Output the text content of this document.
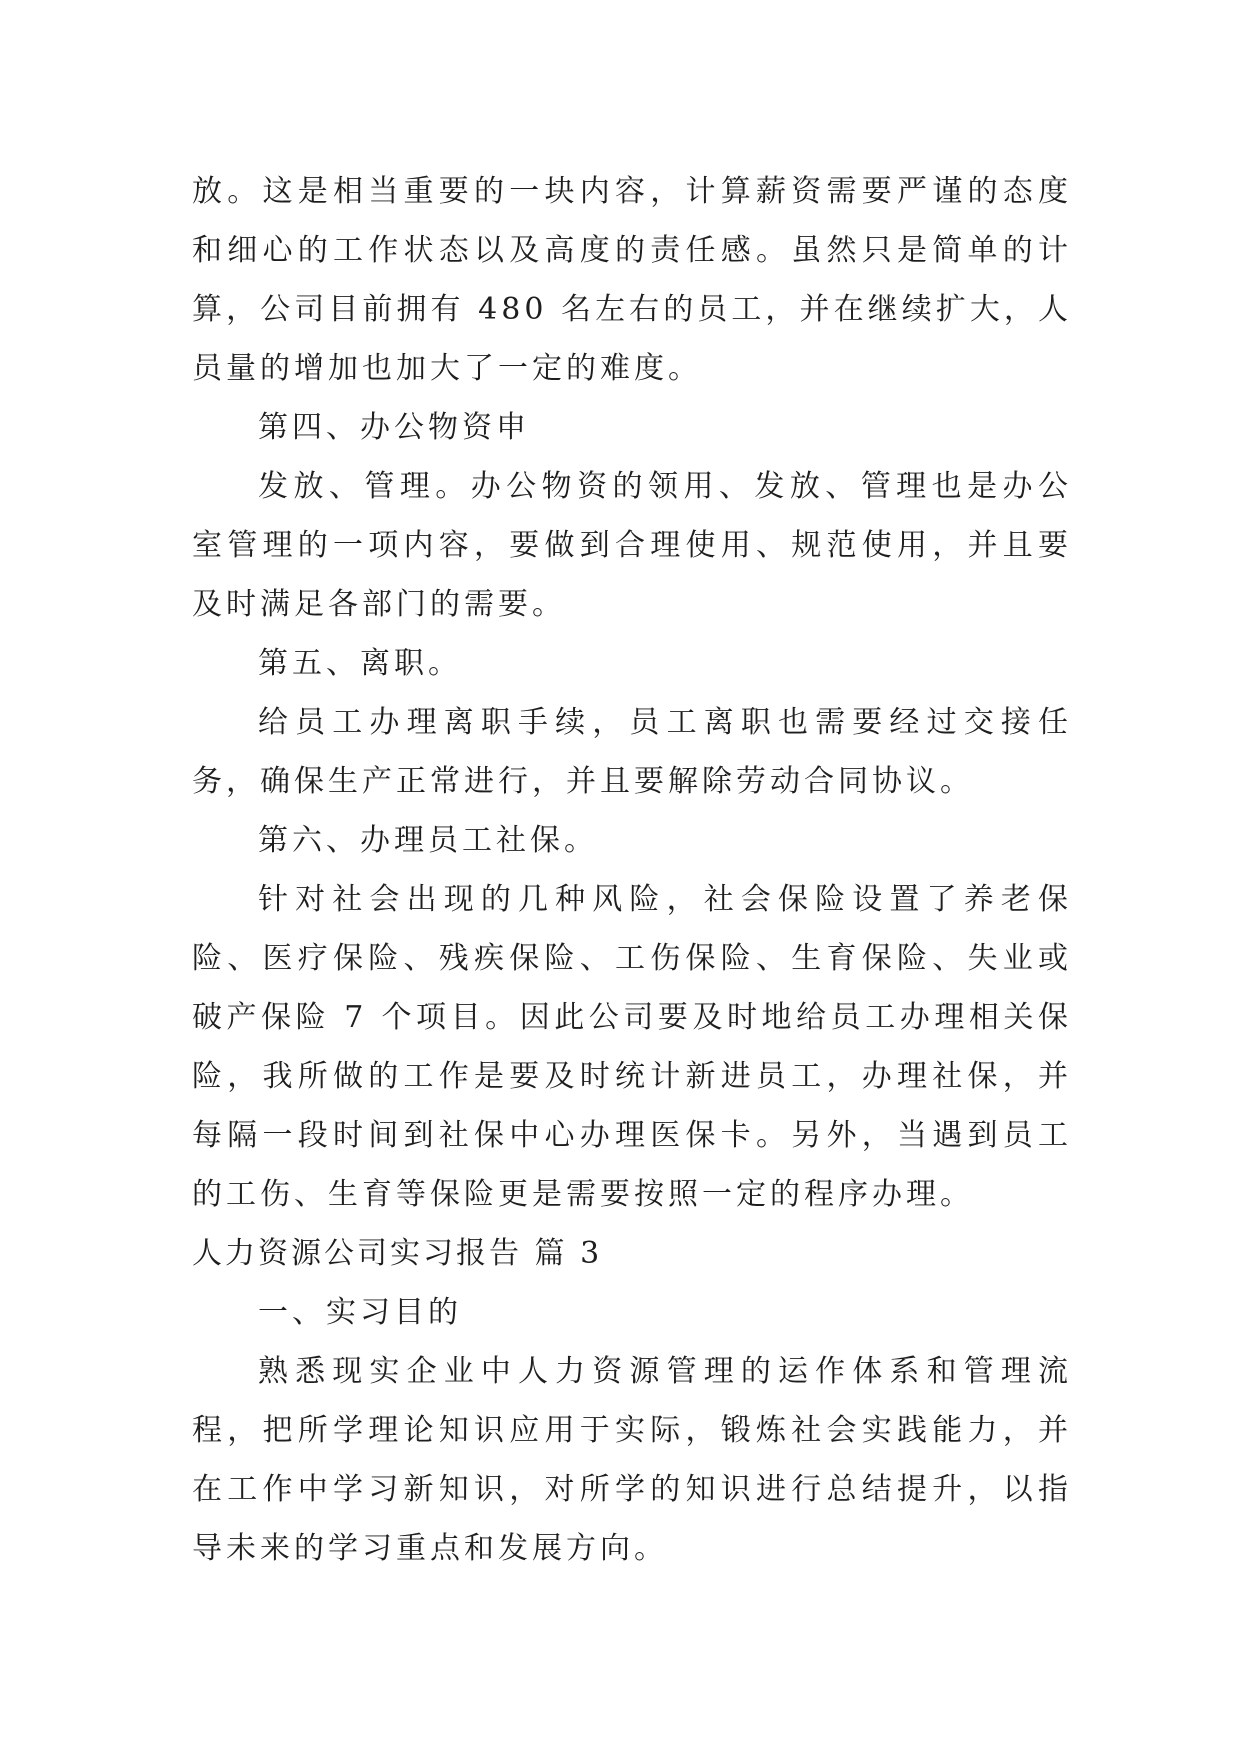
放。这是相当重要的一块内容，计算薪资需要严谨的态度和细心的工作状态以及高度的责任感。虽然只是简单的计算，公司目前拥有 480 名左右的员工，并在继续扩大，人员量的增加也加大了一定的难度。

第四、办公物资申

发放、管理。办公物资的领用、发放、管理也是办公室管理的一项内容，要做到合理使用、规范使用，并且要及时满足各部门的需要。

第五、离职。

给员工办理离职手续，员工离职也需要经过交接任务，确保生产正常进行，并且要解除劳动合同协议。

第六、办理员工社保。

针对社会出现的几种风险，社会保险设置了养老保险、医疗保险、残疾保险、工伤保险、生育保险、失业或破产保险 7 个项目。因此公司要及时地给员工办理相关保险，我所做的工作是要及时统计新进员工，办理社保，并每隔一段时间到社保中心办理医保卡。另外，当遇到员工的工伤、生育等保险更是需要按照一定的程序办理。

人力资源公司实习报告 篇 3

一、实习目的

熟悉现实企业中人力资源管理的运作体系和管理流程，把所学理论知识应用于实际，锻炼社会实践能力，并在工作中学习新知识，对所学的知识进行总结提升，以指导未来的学习重点和发展方向。
